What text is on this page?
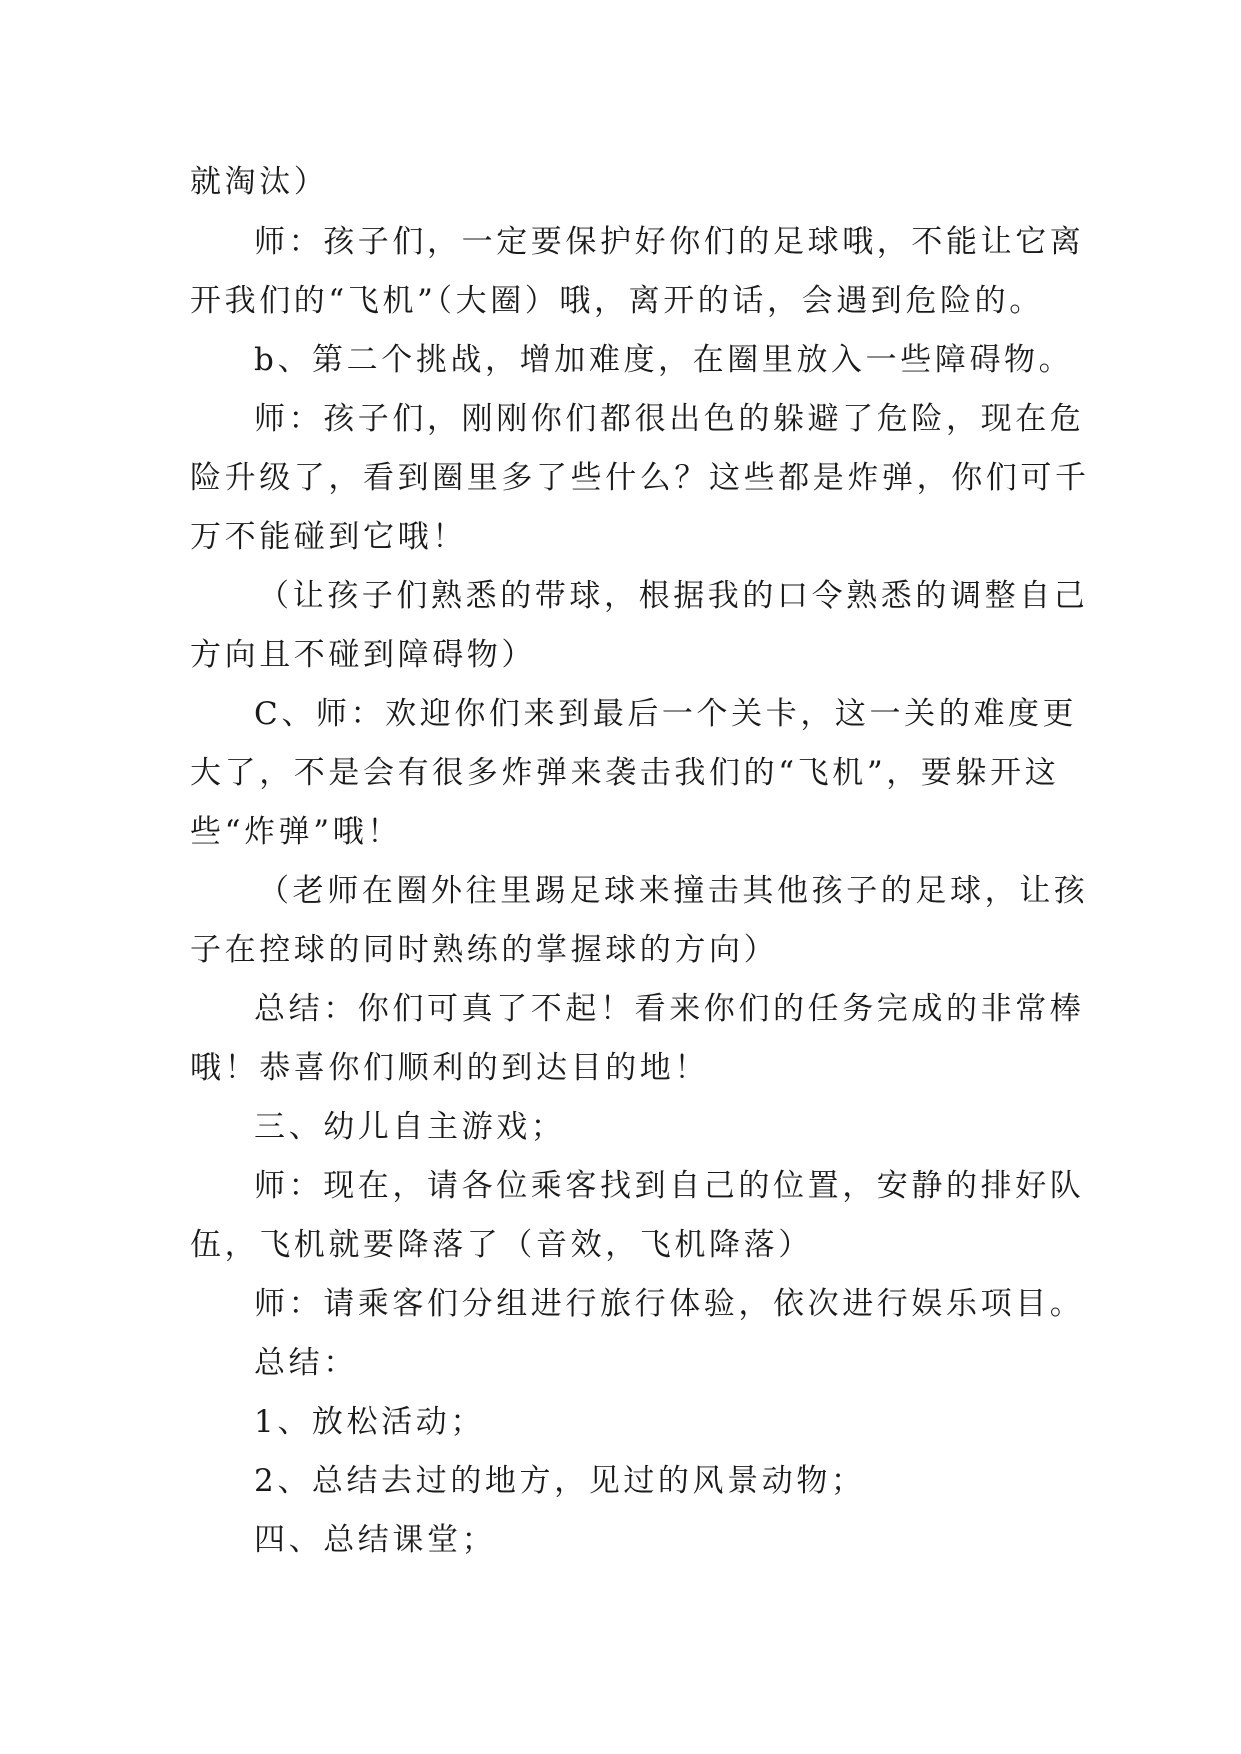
就淘汰）
师：孩子们，一定要保护好你们的足球哦，不能让它离
开我们的“飞机”（大圈）哦，离开的话，会遇到危险的。
b、第二个挑战，增加难度，在圈里放入一些障碍物。
师：孩子们，刚刚你们都很出色的躲避了危险，现在危
险升级了，看到圈里多了些什么？这些都是炸弹，你们可千
万不能碰到它哦！
（让孩子们熟悉的带球，根据我的口令熟悉的调整自己
方向且不碰到障碍物）
C、师：欢迎你们来到最后一个关卡，这一关的难度更
大了，不是会有很多炸弹来袭击我们的“飞机”，要躲开这
些“炸弹”哦！
（老师在圈外往里踢足球来撞击其他孩子的足球，让孩
子在控球的同时熟练的掌握球的方向）
总结：你们可真了不起！看来你们的任务完成的非常棒
哦！恭喜你们顺利的到达目的地！
三、幼儿自主游戏；
师：现在，请各位乘客找到自己的位置，安静的排好队
伍，飞机就要降落了（音效，飞机降落）
师：请乘客们分组进行旅行体验，依次进行娱乐项目。
总结：
1、放松活动；
2、总结去过的地方，见过的风景动物；
四、总结课堂；
